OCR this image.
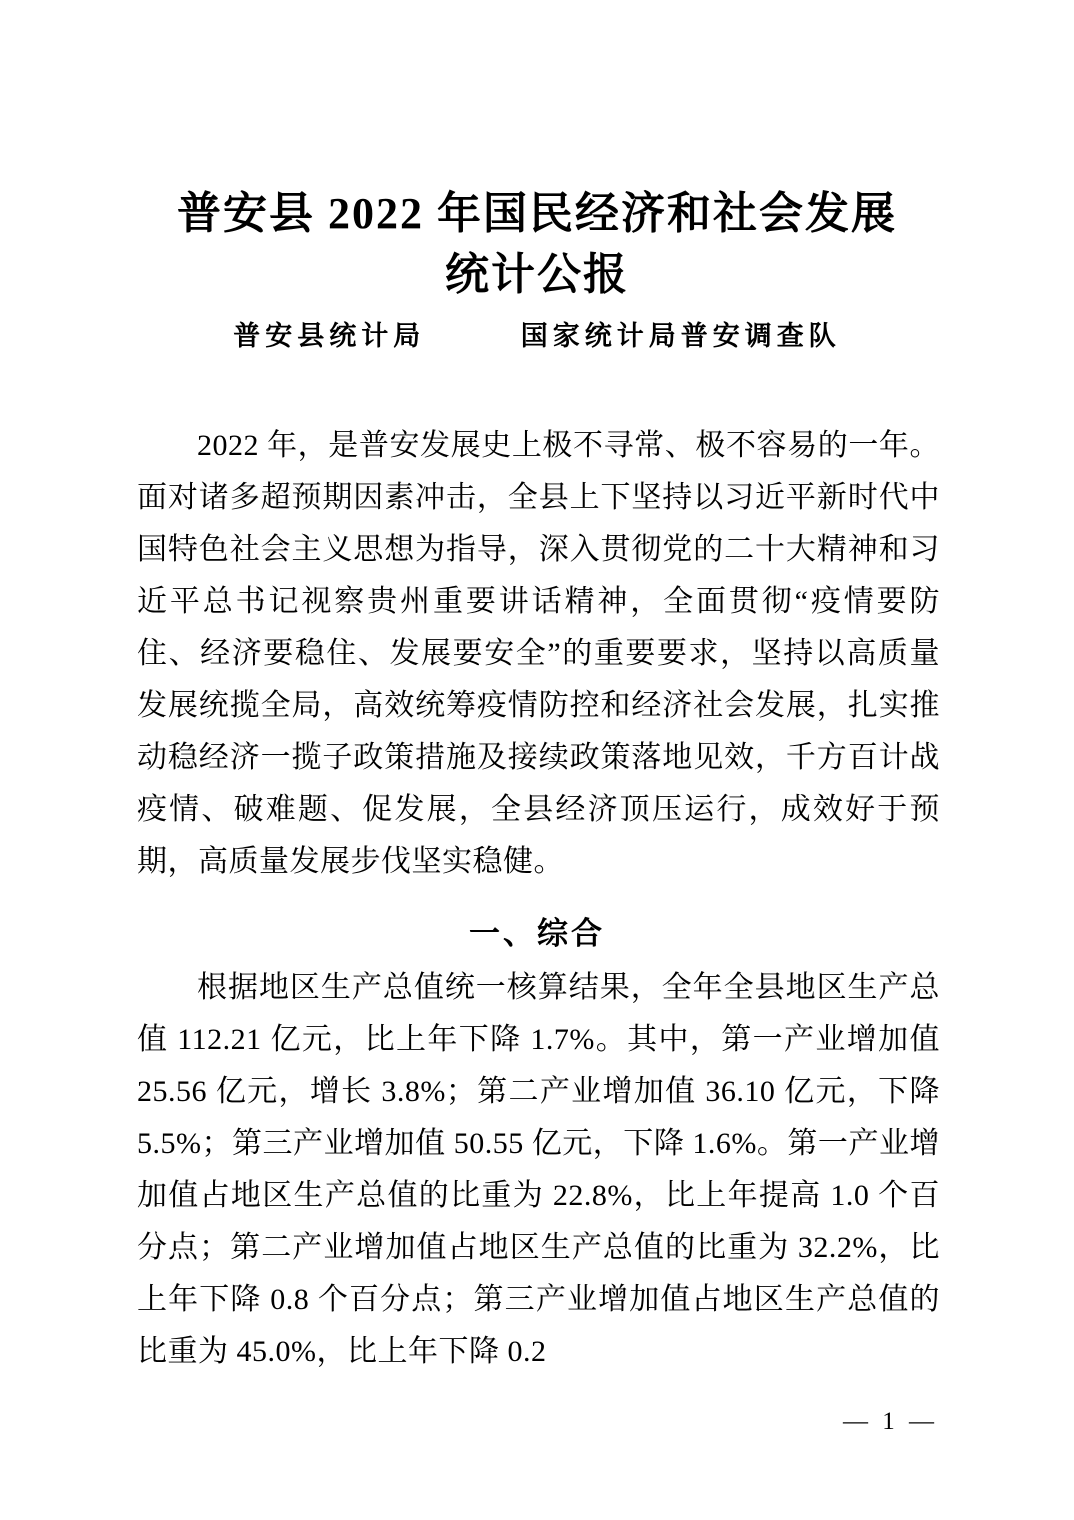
普安县 2022 年国民经济和社会发展
统计公报
普安县统计局	国家统计局普安调查队

2022 年，是普安发展史上极不寻常、极不容易的一年。面对诸多超预期因素冲击，全县上下坚持以习近平新时代中国特色社会主义思想为指导，深入贯彻党的二十大精神和习近平总书记视察贵州重要讲话精神，全面贯彻“疫情要防住、经济要稳住、发展要安全”的重要要求，坚持以高质量发展统揽全局，高效统筹疫情防控和经济社会发展，扎实推动稳经济一揽子政策措施及接续政策落地见效，千方百计战疫情、破难题、促发展，全县经济顶压运行，成效好于预期，高质量发展步伐坚实稳健。

一、综合

根据地区生产总值统一核算结果，全年全县地区生产总值 112.21 亿元，比上年下降 1.7%。其中，第一产业增加值 25.56 亿元，增长 3.8%；第二产业增加值 36.10 亿元，下降 5.5%；第三产业增加值 50.55 亿元，下降 1.6%。第一产业增加值占地区生产总值的比重为 22.8%，比上年提高 1.0 个百分点；第二产业增加值占地区生产总值的比重为 32.2%，比上年下降 0.8 个百分点；第三产业增加值占地区生产总值的比重为 45.0%，比上年下降 0.2

— 1 —
